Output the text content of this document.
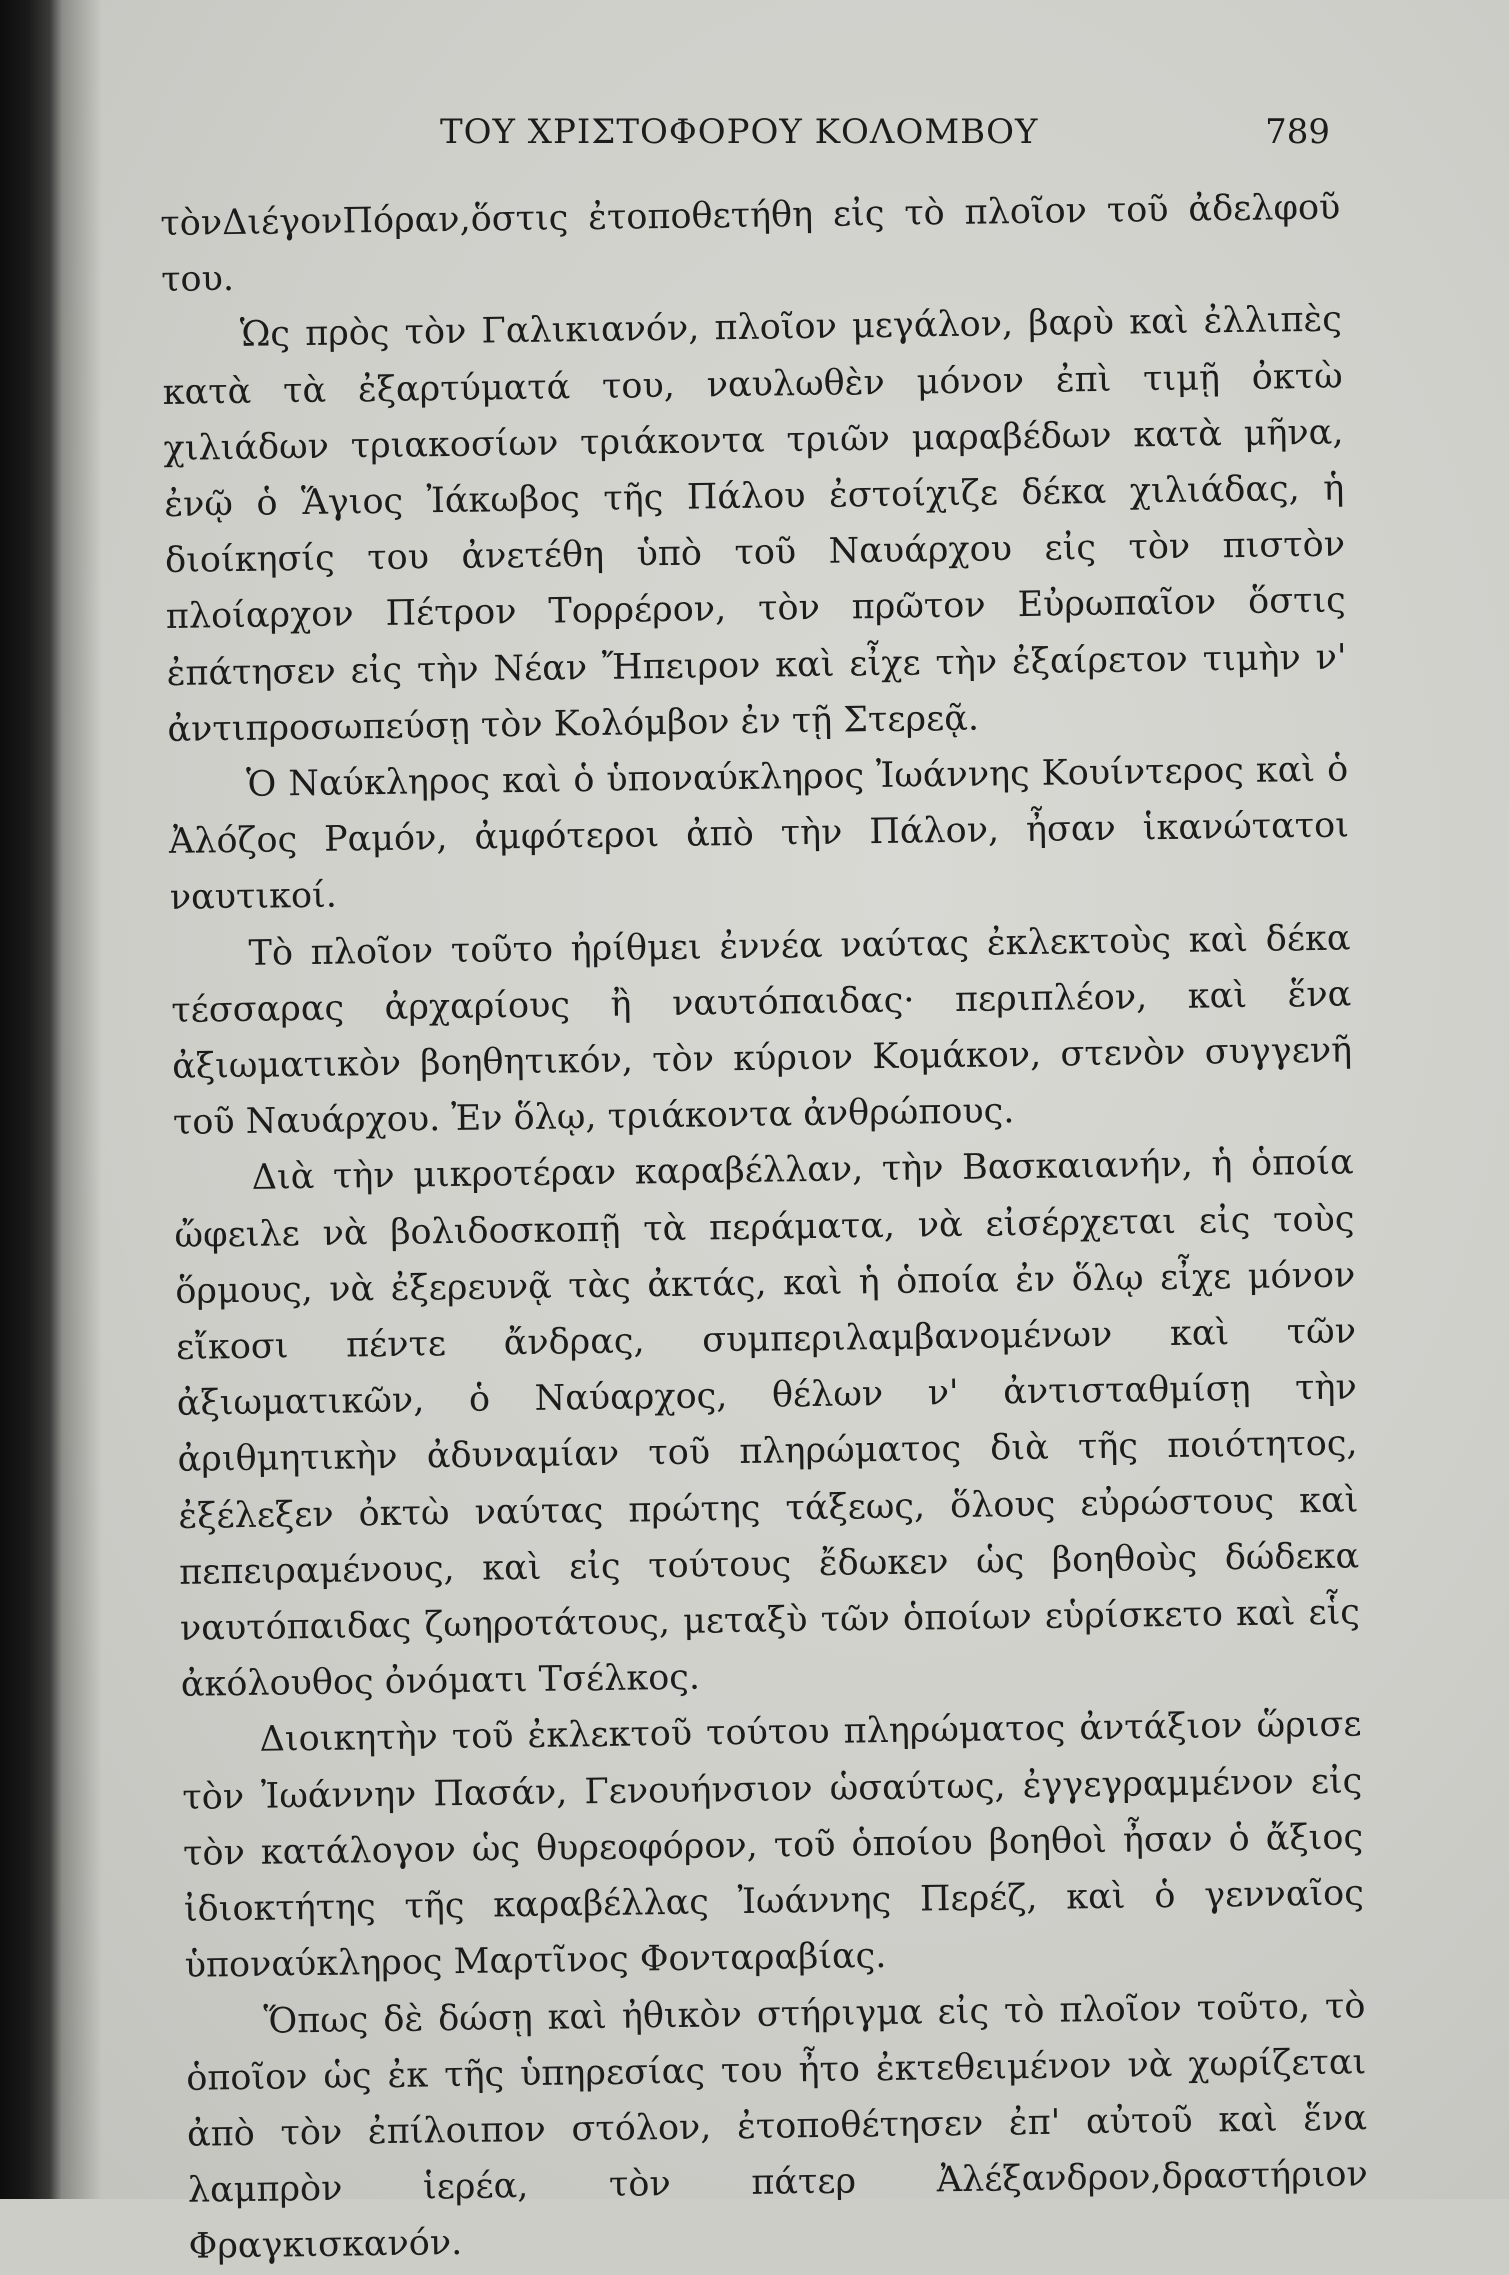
ΤΟΥ ΧΡΙΣΤΟΦΟΡΟΥ ΚΟΛΟΜΒΟΥ	789

τὸνΔιέγονΠόραν,ὅστις ἐτοποθετήθη εἰς τὸ πλοῖον τοῦ ἀδελφοῦ του.

Ὡς πρὸς τὸν Γαλικιανόν, πλοῖον μεγάλον, βαρὺ καὶ ἐλλιπὲς κατὰ τὰ ἐξαρτύματά του, ναυλωθὲν μόνον ἐπὶ τιμῇ ὀκτὼ χιλιάδων τριακοσίων τριάκοντα τριῶν μαραβέδων κατὰ μῆνα, ἐνῷ ὁ Ἅγιος Ἰάκωβος τῆς Πάλου ἐστοίχιζε δέκα χιλιάδας, ἡ διοίκησίς του ἀνετέθη ὑπὸ τοῦ Ναυάρχου εἰς τὸν πιστὸν πλοίαρχον Πέτρον Τορρέρον, τὸν πρῶτον Εὐρωπαῖον ὅστις ἐπάτησεν εἰς τὴν Νέαν Ἤπειρον καὶ εἶχε τὴν ἐξαίρετον τιμὴν ν' ἀντιπροσωπεύσῃ τὸν Κολόμβον ἐν τῇ Στερεᾷ.

Ὁ Ναύκληρος καὶ ὁ ὑποναύκληρος Ἰωάννης Κουίντερος καὶ ὁ Ἀλόζος Ραμόν, ἀμφότεροι ἀπὸ τὴν Πάλον, ἦσαν ἱκανώτατοι ναυτικοί.

Τὸ πλοῖον τοῦτο ἠρίθμει ἐννέα ναύτας ἐκλεκτοὺς καὶ δέκα τέσσαρας ἀρχαρίους ἢ ναυτόπαιδας· περιπλέον, καὶ ἕνα ἀξιωματικὸν βοηθητικόν, τὸν κύριον Κομάκον, στενὸν συγγενῆ τοῦ Ναυάρχου. Ἐν ὅλῳ, τριάκοντα ἀνθρώπους.

Διὰ τὴν μικροτέραν καραβέλλαν, τὴν Βασκαιανήν, ἡ ὁποία ὤφειλε νὰ βολιδοσκοπῇ τὰ περάματα, νὰ εἰσέρχεται εἰς τοὺς ὅρμους, νὰ ἐξερευνᾷ τὰς ἀκτάς, καὶ ἡ ὁποία ἐν ὅλῳ εἶχε μόνον εἴκοσι πέντε ἄνδρας, συμπεριλαμβανομένων καὶ τῶν ἀξιωματικῶν, ὁ Ναύαρχος, θέλων ν' ἀντισταθμίσῃ τὴν ἀριθμητικὴν ἀδυναμίαν τοῦ πληρώματος διὰ τῆς ποιότητος, ἐξέλεξεν ὀκτὼ ναύτας πρώτης τάξεως, ὅλους εὐρώστους καὶ πεπειραμένους, καὶ εἰς τούτους ἔδωκεν ὡς βοηθοὺς δώδεκα ναυτόπαιδας ζωηροτάτους, μεταξὺ τῶν ὁποίων εὑρίσκετο καὶ εἷς ἀκόλουθος ὀνόματι Τσέλκος.

Διοικητὴν τοῦ ἐκλεκτοῦ τούτου πληρώματος ἀντάξιον ὥρισε τὸν Ἰωάννην Πασάν, Γενουήνσιον ὡσαύτως, ἐγγεγραμμένον εἰς τὸν κατάλογον ὡς θυρεοφόρον, τοῦ ὁποίου βοηθοὶ ἦσαν ὁ ἄξιος ἰδιοκτήτης τῆς καραβέλλας Ἰωάννης Περέζ, καὶ ὁ γενναῖος ὑποναύκληρος Μαρτῖνος Φονταραβίας.

Ὅπως δὲ δώσῃ καὶ ἠθικὸν στήριγμα εἰς τὸ πλοῖον τοῦτο, τὸ ὁποῖον ὡς ἐκ τῆς ὑπηρεσίας του ἦτο ἐκτεθειμένον νὰ χωρίζεται ἀπὸ τὸν ἐπίλοιπον στόλον, ἐτοποθέτησεν ἐπ' αὐτοῦ καὶ ἕνα λαμπρὸν ἱερέα, τὸν πάτερ Ἀλέξανδρον,δραστήριον Φραγκισκανόν.
